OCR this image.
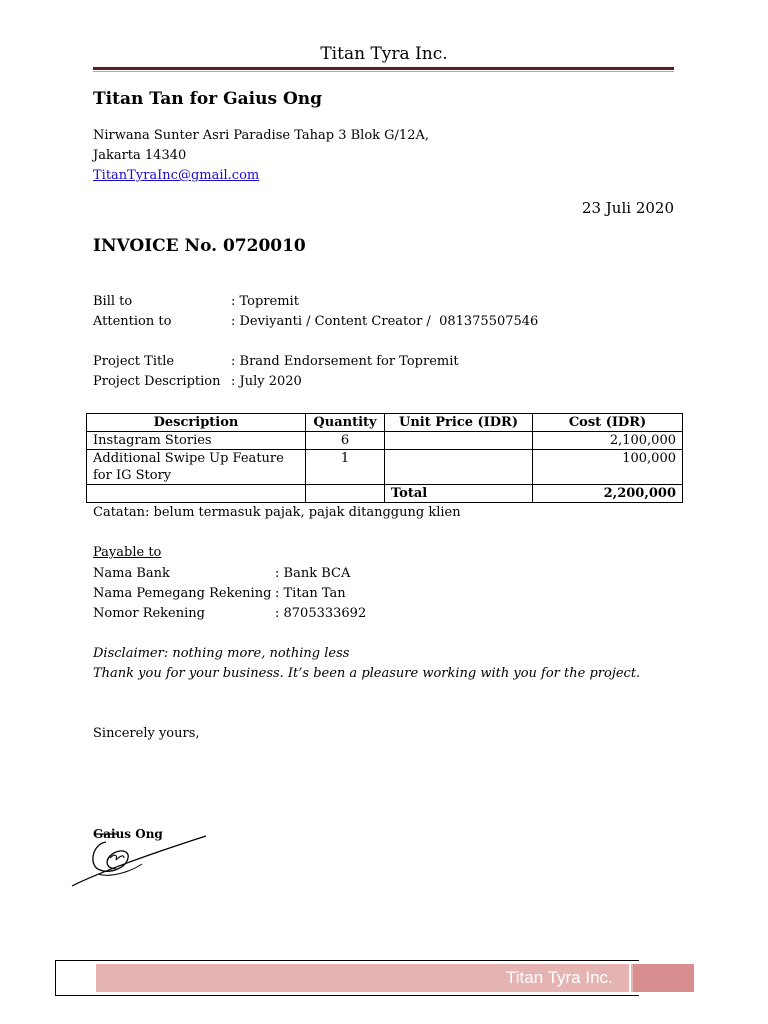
Titan Tyra Inc.
Titan Tan for Gaius Ong
Nirwana Sunter Asri Paradise Tahap 3 Blok G/12A,
Jakarta 14340
TitanTyraInc@gmail.com
23 Juli 2020
INVOICE No. 0720010
Bill to	: Topremit
Attention to	: Deviyanti / Content Creator /  081375507546
Project Title	: Brand Endorsement for Topremit
Project Description : July 2020
Description	Quantity	Unit Price (IDR)	Cost (IDR)
Instagram Stories	6		2,100,000
Additional Swipe Up Feature for IG Story	1		100,000
		Total	2,200,000
Catatan: belum termasuk pajak, pajak ditanggung klien
Payable to
Nama Bank	: Bank BCA
Nama Pemegang Rekening : Titan Tan
Nomor Rekening	: 8705333692
Disclaimer: nothing more, nothing less
Thank you for your business. It’s been a pleasure working with you for the project.
Sincerely yours,
Gaius Ong
Titan Tyra Inc.
